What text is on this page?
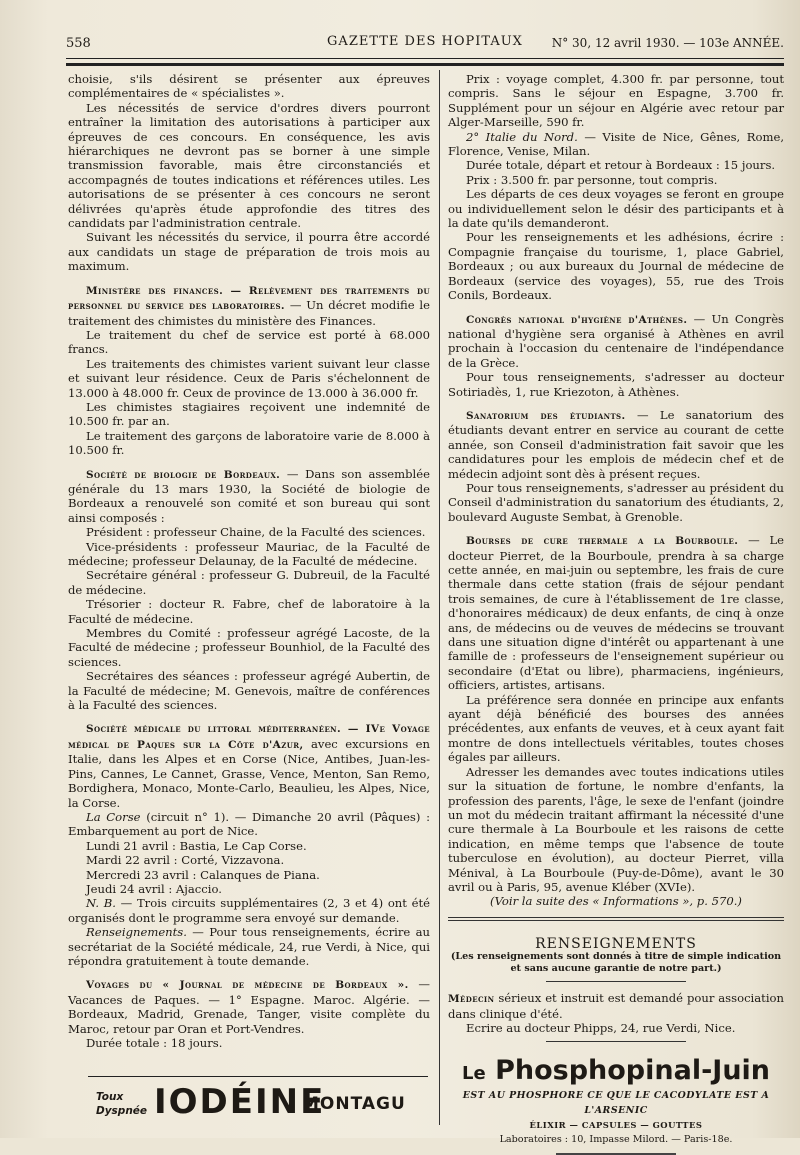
558	GAZETTE DES HOPITAUX	N° 30, 12 avril 1930. — 103e ANNÉE.

choisie, s'ils désirent se présenter aux épreuves complémentaires de « spécialistes ».

Les nécessités de service d'ordres divers pourront entraîner la limitation des autorisations à participer aux épreuves de ces concours. En conséquence, les avis hiérarchiques ne devront pas se borner à une simple transmission favorable, mais être circonstanciés et accompagnés de toutes indications et références utiles. Les autorisations de se présenter à ces concours ne seront délivrées qu'après étude approfondie des titres des candidats par l'administration centrale.

Suivant les nécessités du service, il pourra être accordé aux candidats un stage de préparation de trois mois au maximum.

Ministère des finances. — Relèvement des traitements du personnel du service des laboratoires. — Un décret modifie le traitement des chimistes du ministère des Finances.

Le traitement du chef de service est porté à 68.000 francs.

Les traitements des chimistes varient suivant leur classe et suivant leur résidence. Ceux de Paris s'échelonnent de 13.000 à 48.000 fr. Ceux de province de 13.000 à 36.000 fr.

Les chimistes stagiaires reçoivent une indemnité de 10.500 fr. par an.

Le traitement des garçons de laboratoire varie de 8.000 à 10.500 fr.

Société de biologie de Bordeaux. — Dans son assemblée générale du 13 mars 1930, la Société de biologie de Bordeaux a renouvelé son comité et son bureau qui sont ainsi composés :

Président : professeur Chaine, de la Faculté des sciences.

Vice-présidents : professeur Mauriac, de la Faculté de médecine; professeur Delaunay, de la Faculté de médecine.

Secrétaire général : professeur G. Dubreuil, de la Faculté de médecine.

Trésorier : docteur R. Fabre, chef de laboratoire à la Faculté de médecine.

Membres du Comité : professeur agrégé Lacoste, de la Faculté de médecine ; professeur Bounhiol, de la Faculté des sciences.

Secrétaires des séances : professeur agrégé Aubertin, de la Faculté de médecine; M. Genevois, maître de conférences à la Faculté des sciences.

Société médicale du littoral méditerranéen. — IVe Voyage médical de Paques sur la Côte d'Azur, avec excursions en Italie, dans les Alpes et en Corse (Nice, Antibes, Juan-les-Pins, Cannes, Le Cannet, Grasse, Vence, Menton, San Remo, Bordighera, Monaco, Monte-Carlo, Beaulieu, les Alpes, Nice, la Corse.

La Corse (circuit n° 1). — Dimanche 20 avril (Pâques) : Embarquement au port de Nice.

Lundi 21 avril : Bastia, Le Cap Corse.

Mardi 22 avril : Corté, Vizzavona.

Mercredi 23 avril : Calanques de Piana.

Jeudi 24 avril : Ajaccio.

N. B. — Trois circuits supplémentaires (2, 3 et 4) ont été organisés dont le programme sera envoyé sur demande.

Renseignements. — Pour tous renseignements, écrire au secrétariat de la Société médicale, 24, rue Verdi, à Nice, qui répondra gratuitement à toute demande.

Voyages du « Journal de médecine de Bordeaux ». — Vacances de Paques. — 1° Espagne. Maroc. Algérie. — Bordeaux, Madrid, Grenade, Tanger, visite complète du Maroc, retour par Oran et Port-Vendres.

Durée totale : 18 jours.

Prix : voyage complet, 4.300 fr. par personne, tout compris. Sans le séjour en Espagne, 3.700 fr. Supplément pour un séjour en Algérie avec retour par Alger-Marseille, 590 fr.

2° Italie du Nord. — Visite de Nice, Gênes, Rome, Florence, Venise, Milan.

Durée totale, départ et retour à Bordeaux : 15 jours.

Prix : 3.500 fr. par personne, tout compris.

Les départs de ces deux voyages se feront en groupe ou individuellement selon le désir des participants et à la date qu'ils demanderont.

Pour les renseignements et les adhésions, écrire : Compagnie française du tourisme, 1, place Gabriel, Bordeaux ; ou aux bureaux du Journal de médecine de Bordeaux (service des voyages), 55, rue des Trois Conils, Bordeaux.

Congrès national d'hygiène d'Athènes. — Un Congrès national d'hygiène sera organisé à Athènes en avril prochain à l'occasion du centenaire de l'indépendance de la Grèce.

Pour tous renseignements, s'adresser au docteur Sotiriadès, 1, rue Kriezoton, à Athènes.

Sanatorium des étudiants. — Le sanatorium des étudiants devant entrer en service au courant de cette année, son Conseil d'administration fait savoir que les candidatures pour les emplois de médecin chef et de médecin adjoint sont dès à présent reçues.

Pour tous renseignements, s'adresser au président du Conseil d'administration du sanatorium des étudiants, 2, boulevard Auguste Sembat, à Grenoble.

Bourses de cure thermale a la Bourboule. — Le docteur Pierret, de la Bourboule, prendra à sa charge cette année, en mai-juin ou septembre, les frais de cure thermale dans cette station (frais de séjour pendant trois semaines, de cure à l'établissement de 1re classe, d'honoraires médicaux) de deux enfants, de cinq à onze ans, de médecins ou de veuves de médecins se trouvant dans une situation digne d'intérêt ou appartenant à une famille de : professeurs de l'enseignement supérieur ou secondaire (d'Etat ou libre), pharmaciens, ingénieurs, officiers, artistes, artisans.

La préférence sera donnée en principe aux enfants ayant déjà bénéficié des bourses des années précédentes, aux enfants de veuves, et à ceux ayant fait montre de dons intellectuels véritables, toutes choses égales par ailleurs.

Adresser les demandes avec toutes indications utiles sur la situation de fortune, le nombre d'enfants, la profession des parents, l'âge, le sexe de l'enfant (joindre un mot du médecin traitant affirmant la nécessité d'une cure thermale à La Bourboule et les raisons de cette indication, en même temps que l'absence de toute tuberculose en évolution), au docteur Pierret, villa Ménival, à La Bourboule (Puy-de-Dôme), avant le 30 avril ou à Paris, 95, avenue Kléber (XVIe).

(Voir la suite des « Informations », p. 570.)

RENSEIGNEMENTS

(Les renseignements sont donnés à titre de simple indication et sans aucune garantie de notre part.)

Médecin sérieux et instruit est demandé pour association dans clinique d'été.

Ecrire au docteur Phipps, 24, rue Verdi, Nice.

Le Phosphopinal-Juin
EST AU PHOSPHORE CE QUE LE CACODYLATE EST A L'ARSENIC
ÉLIXIR — CAPSULES — GOUTTES
Laboratoires : 10, Impasse Milord. — Paris-18e.
Toux
Dyspnée IODÉINE
MONTAGU
